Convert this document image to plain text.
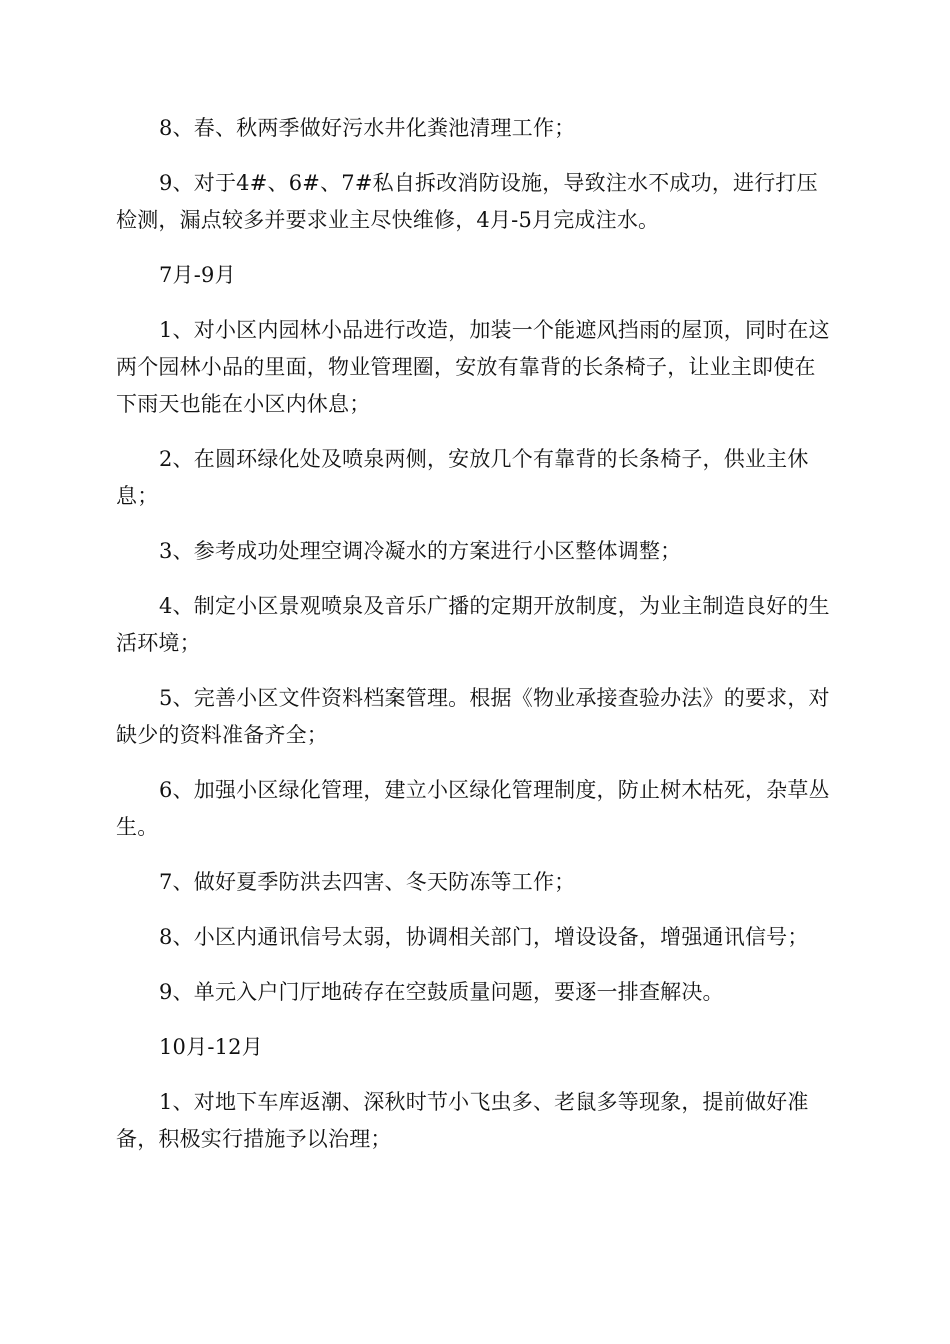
8、春、秋两季做好污水井化粪池清理工作；

9、对于4#、6#、7#私自拆改消防设施，导致注水不成功，进行打压检测，漏点较多并要求业主尽快维修，4月-5月完成注水。

7月-9月

1、对小区内园林小品进行改造，加装一个能遮风挡雨的屋顶，同时在这两个园林小品的里面，物业管理圈，安放有靠背的长条椅子，让业主即使在下雨天也能在小区内休息；

2、在圆环绿化处及喷泉两侧，安放几个有靠背的长条椅子，供业主休息；

3、参考成功处理空调冷凝水的方案进行小区整体调整；

4、制定小区景观喷泉及音乐广播的定期开放制度，为业主制造良好的生活环境；

5、完善小区文件资料档案管理。根据《物业承接查验办法》的要求，对缺少的资料准备齐全；

6、加强小区绿化管理，建立小区绿化管理制度，防止树木枯死，杂草丛生。

7、做好夏季防洪去四害、冬天防冻等工作；

8、小区内通讯信号太弱，协调相关部门，增设设备，增强通讯信号；

9、单元入户门厅地砖存在空鼓质量问题，要逐一排查解决。

10月-12月

1、对地下车库返潮、深秋时节小飞虫多、老鼠多等现象，提前做好准备，积极实行措施予以治理；
